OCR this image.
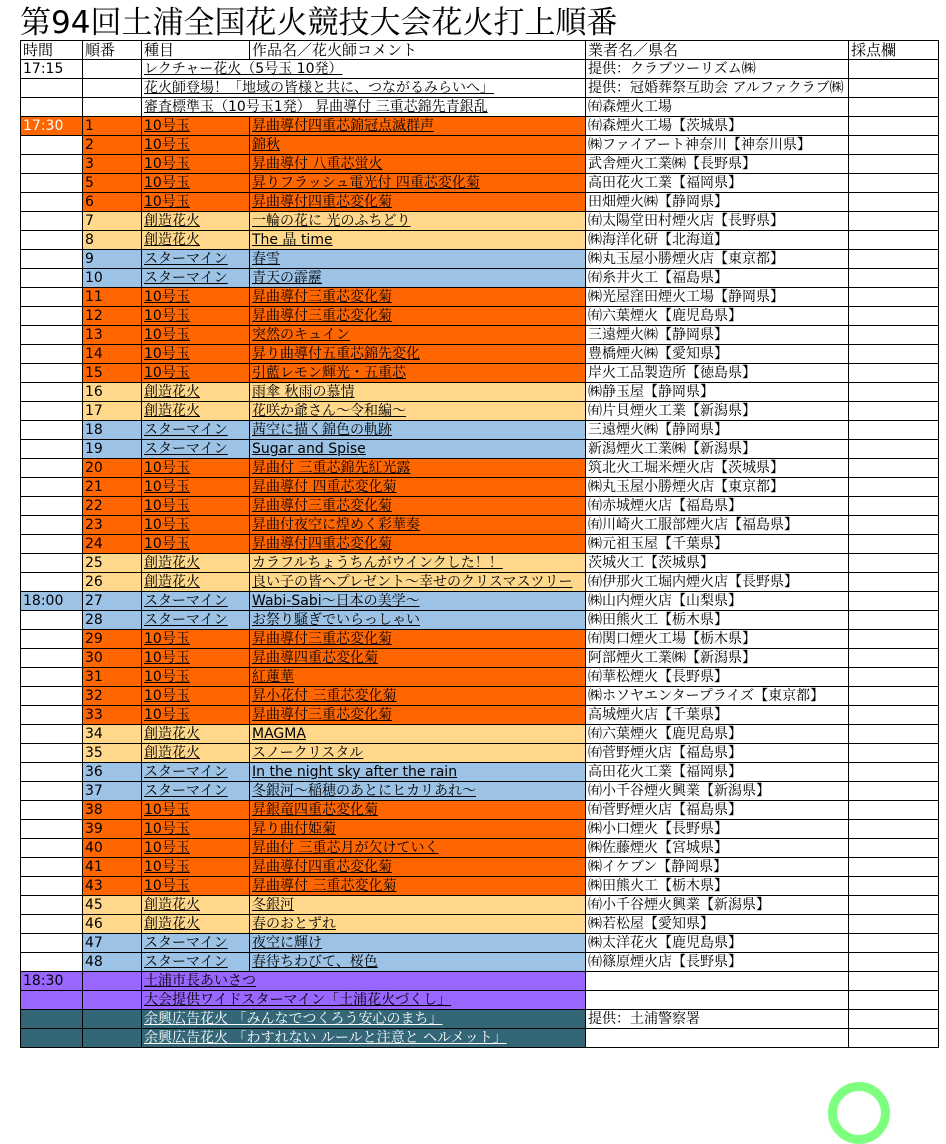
第94回土浦全国花火競技大会花火打上順番
時間	順番	種目	作品名／花火師コメント	業者名／県名	採点欄
17:15		レクチャー花火（5号玉 10発）		提供：クラブツーリズム㈱	
		花火師登場！「地域の皆様と共に、つながるみらいへ」		提供：冠婚葬祭互助会 アルファクラブ㈱	
		審査標準玉（10号玉1発） 昇曲導付 三重芯錦先青銀乱		㈲森煙火工場	
17:30	1	10号玉	昇曲導付四重芯錦冠点滅群声	㈲森煙火工場【茨城県】	
	2	10号玉	錦秋	㈱ファイアート神奈川【神奈川県】	
	3	10号玉	昇曲導付 八重芯蛍火	武舎煙火工業㈱【長野県】	
	5	10号玉	昇りフラッシュ電光付 四重芯変化菊	高田花火工業【福岡県】	
	6	10号玉	昇曲導付四重芯変化菊	田畑煙火㈱【静岡県】	
	7	創造花火	一輪の花に 光のふちどり	㈲太陽堂田村煙火店【長野県】	
	8	創造花火	The 晶 time	㈱海洋化研【北海道】	
	9	スターマイン	春雪	㈱丸玉屋小勝煙火店【東京都】	
	10	スターマイン	青天の霹靂	㈲糸井火工【福島県】	
	11	10号玉	昇曲導付三重芯変化菊	㈱光屋窪田煙火工場【静岡県】	
	12	10号玉	昇曲導付三重芯変化菊	㈲六葉煙火【鹿児島県】	
	13	10号玉	突然のキュイン	三遠煙火㈱【静岡県】	
	14	10号玉	昇り曲導付五重芯錦先変化	豊橋煙火㈱【愛知県】	
	15	10号玉	引藍レモン輝光・五重芯	岸火工品製造所【徳島県】	
	16	創造花火	雨傘 秋雨の慕情	㈱静玉屋【静岡県】	
	17	創造花火	花咲か爺さん～令和編～	㈲片貝煙火工業【新潟県】	
	18	スターマイン	茜空に描く錦色の軌跡	三遠煙火㈱【静岡県】	
	19	スターマイン	Sugar and Spise	新潟煙火工業㈱【新潟県】	
	20	10号玉	昇曲付 三重芯錦先紅光露	筑北火工堀米煙火店【茨城県】	
	21	10号玉	昇曲導付 四重芯変化菊	㈱丸玉屋小勝煙火店【東京都】	
	22	10号玉	昇曲導付三重芯変化菊	㈲赤城煙火店【福島県】	
	23	10号玉	昇曲付夜空に煌めく彩華奏	㈲川崎火工服部煙火店【福島県】	
	24	10号玉	昇曲導付四重芯変化菊	㈱元祖玉屋【千葉県】	
	25	創造花火	カラフルちょうちんがウインクした！！	茨城火工【茨城県】	
	26	創造花火	良い子の皆へプレゼント～幸せのクリスマスツリー	㈲伊那火工堀内煙火店【長野県】	
18:00	27	スターマイン	Wabi-Sabi～日本の美学～	㈱山内煙火店【山梨県】	
	28	スターマイン	お祭り騒ぎでいらっしゃい	㈱田熊火工【栃木県】	
	29	10号玉	昇曲導付三重芯変化菊	㈲関口煙火工場【栃木県】	
	30	10号玉	昇曲導四重芯変化菊	阿部煙火工業㈱【新潟県】	
	31	10号玉	紅蓮華	㈲華松煙火【長野県】	
	32	10号玉	昇小花付 三重芯変化菊	㈱ホソヤエンタープライズ【東京都】	
	33	10号玉	昇曲導付三重芯変化菊	高城煙火店【千葉県】	
	34	創造花火	MAGMA	㈲六葉煙火【鹿児島県】	
	35	創造花火	スノークリスタル	㈲菅野煙火店【福島県】	
	36	スターマイン	In the night sky after the rain	高田花火工業【福岡県】	
	37	スターマイン	冬銀河～稲穂のあとにヒカリあれ～	㈲小千谷煙火興業【新潟県】	
	38	10号玉	昇銀竜四重芯変化菊	㈲菅野煙火店【福島県】	
	39	10号玉	昇り曲付姫菊	㈱小口煙火【長野県】	
	40	10号玉	昇曲付 三重芯月が欠けていく	㈱佐藤煙火【宮城県】	
	41	10号玉	昇曲導付四重芯変化菊	㈱イケブン【静岡県】	
	43	10号玉	昇曲導付 三重芯変化菊	㈱田熊火工【栃木県】	
	45	創造花火	冬銀河	㈲小千谷煙火興業【新潟県】	
	46	創造花火	春のおとずれ	㈱若松屋【愛知県】	
	47	スターマイン	夜空に輝け	㈱太洋花火【鹿児島県】	
	48	スターマイン	春待ちわびて、桜色	㈲篠原煙火店【長野県】	
18:30		土浦市長あいさつ			
		大会提供ワイドスターマイン「土浦花火づくし」			
		余興広告花火 「みんなでつくろう安心のまち」		提供：土浦警察署	
		余興広告花火 「わすれない ルールと注意と ヘルメット」			
